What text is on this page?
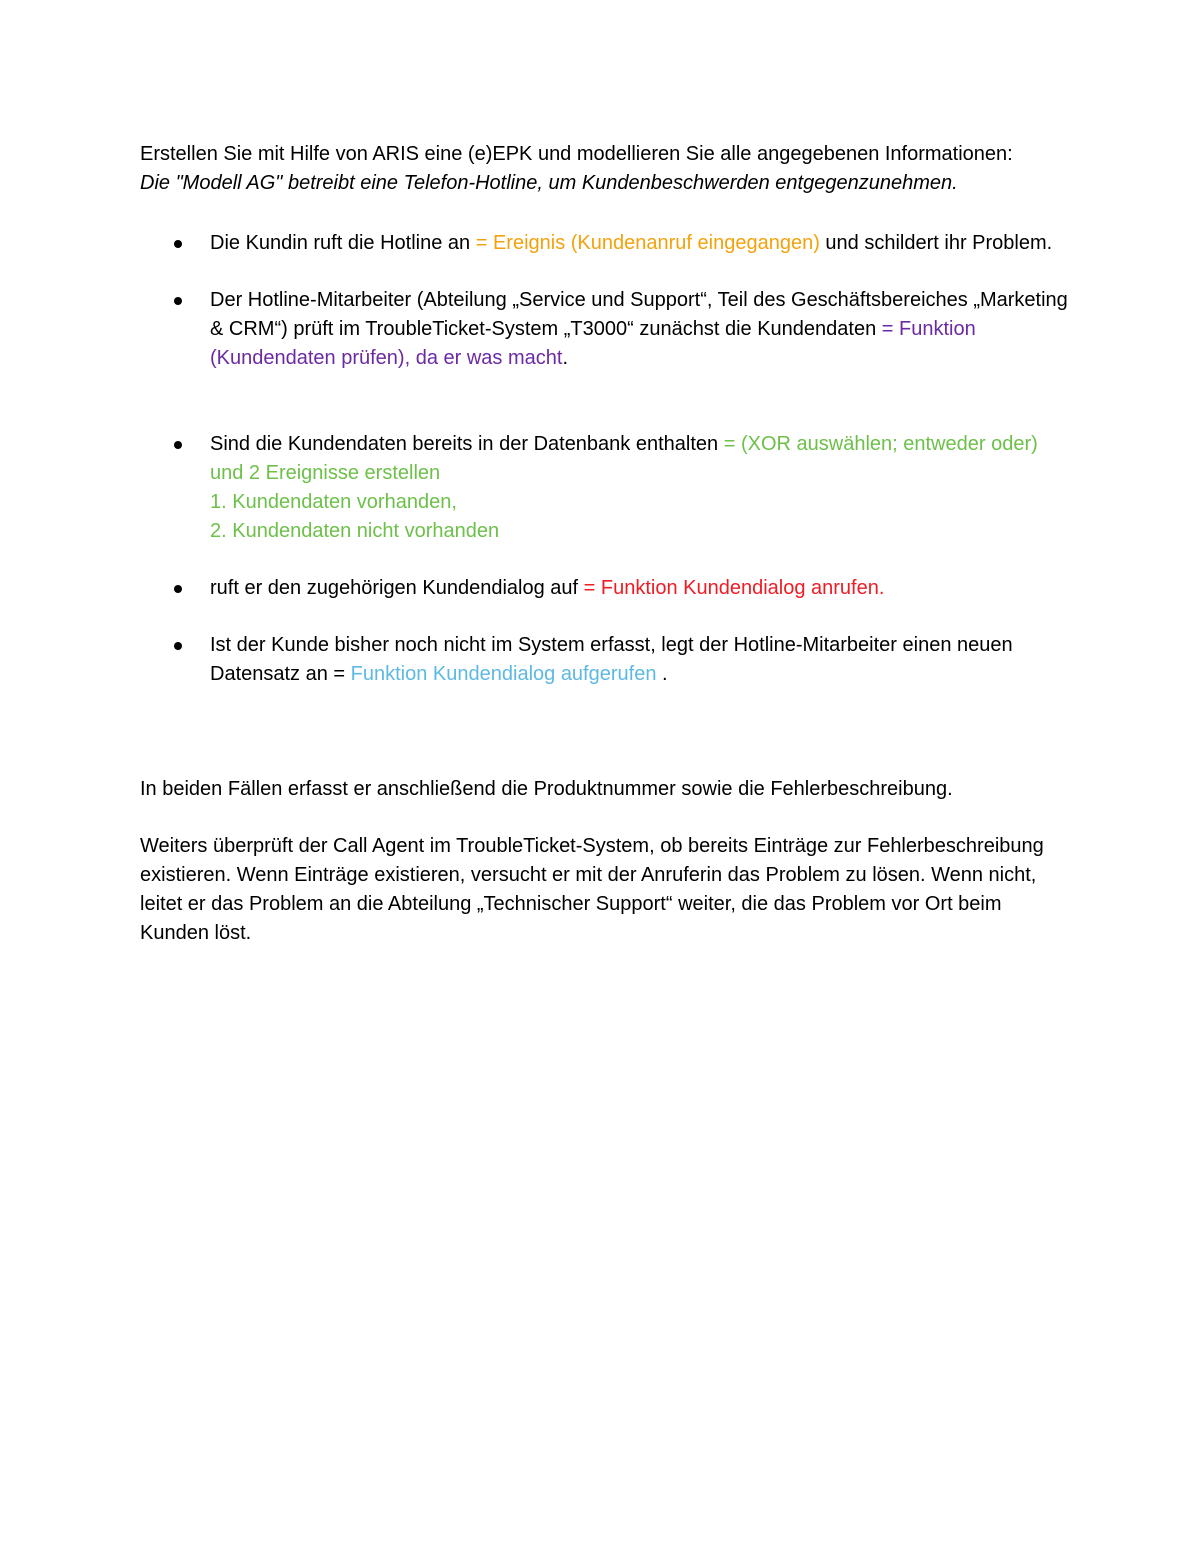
Erstellen Sie mit Hilfe von ARIS eine (e)EPK und modellieren Sie alle angegebenen Informationen:

Die "Modell AG" betreibt eine Telefon-Hotline, um Kundenbeschwerden entgegenzunehmen.

Die Kundin ruft die Hotline an = Ereignis (Kundenanruf eingegangen) und schildert ihr Problem.
Der Hotline-Mitarbeiter (Abteilung „Service und Support“, Teil des Geschäftsbereiches „Marketing & CRM“) prüft im TroubleTicket-System „T3000“ zunächst die Kundendaten = Funktion (Kundendaten prüfen), da er was macht.
Sind die Kundendaten bereits in der Datenbank enthalten = (XOR auswählen; entweder oder) und 2 Ereignisse erstellen
1. Kundendaten vorhanden,
2. Kundendaten nicht vorhanden
ruft er den zugehörigen Kundendialog auf = Funktion Kundendialog anrufen.
Ist der Kunde bisher noch nicht im System erfasst, legt der Hotline-Mitarbeiter einen neuen Datensatz an = Funktion Kundendialog aufgerufen .

In beiden Fällen erfasst er anschließend die Produktnummer sowie die Fehlerbeschreibung.

Weiters überprüft der Call Agent im TroubleTicket-System, ob bereits Einträge zur Fehlerbeschreibung existieren. Wenn Einträge existieren, versucht er mit der Anruferin das Problem zu lösen. Wenn nicht, leitet er das Problem an die Abteilung „Technischer Support“ weiter, die das Problem vor Ort beim Kunden löst.
